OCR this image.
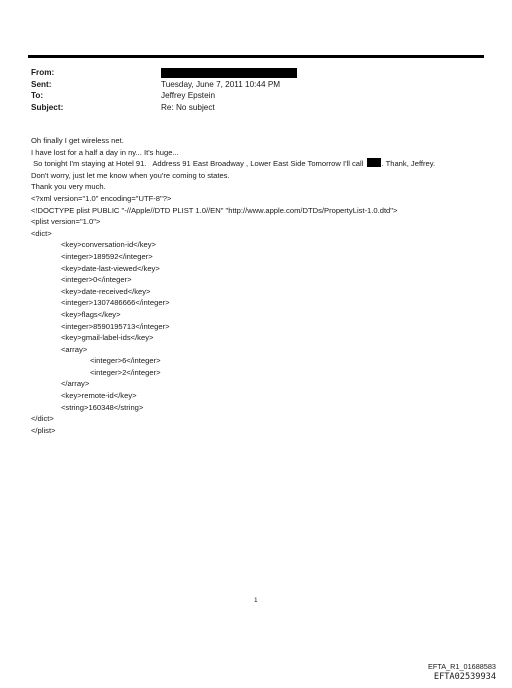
From:
Sent:	Tuesday, June 7, 2011 10:44 PM
To:	Jeffrey Epstein
Subject:	Re: No subject
Oh finally I get wireless net.
I have lost for a half a day in ny... It's huge...
So tonight I'm staying at Hotel 91.   Address 91 East Broadway , Lower East Side Tomorrow I'll call . Thank, Jeffrey.
Don't worry, just let me know when you're coming to states.
Thank you very much.
<?xml version="1.0" encoding="UTF-8"?>
<!DOCTYPE plist PUBLIC "-//Apple//DTD PLIST 1.0//EN" "http://www.apple.com/DTDs/PropertyList-1.0.dtd">
<plist version="1.0">
<dict>
<key>conversation-id</key>
<integer>189592</integer>
<key>date-last-viewed</key>
<integer>0</integer>
<key>date-received</key>
<integer>1307486666</integer>
<key>flags</key>
<integer>8590195713</integer>
<key>gmail-label-ids</key>
<array>
<integer>6</integer>
<integer>2</integer>
</array>
<key>remote-id</key>
<string>160348</string>
</dict>
</plist>
1
EFTA_R1_01688583
EFTA02539934
